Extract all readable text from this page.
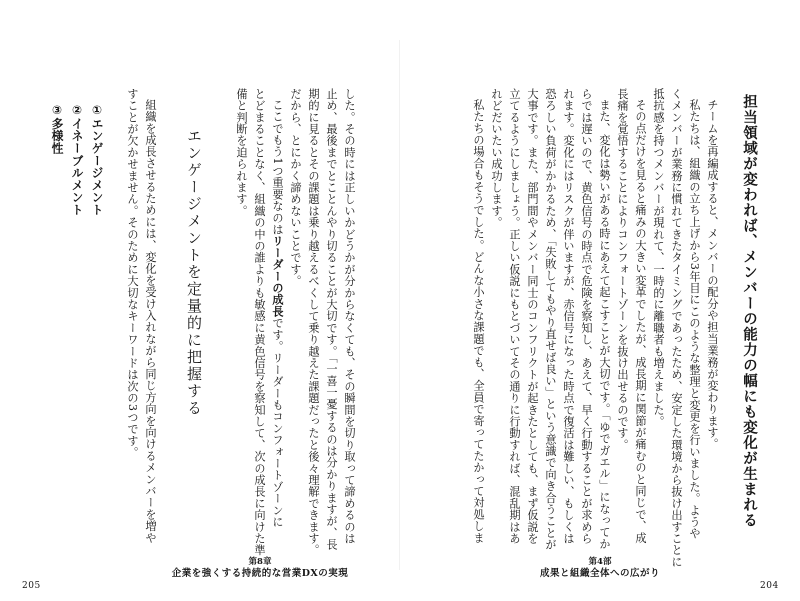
担当領域が変われば、メンバーの能力の幅にも変化が生まれる
チームを再編成すると、メンバーの配分や担当業務が変わります。
私たちは、組織の立ち上げから3年目にこのような整理と変更を行いました。ようや
くメンバーが業務に慣れてきたタイミングであったため、安定した環境から抜け出すことに
抵抗感を持つメンバーが現れて、一時的に離職者も増えました。
その点だけを見ると痛みの大きい変革でしたが、成長期に関節が痛むのと同じで、成
長痛を覚悟することによりコンフォートゾーンを抜け出せるのです。
また、変化は勢いがある時にあえて起こすことが大切です。「ゆでガエル」になってか
らでは遅いので、黄色信号の時点で危険を察知し、あえて、早く行動することが求めら
れます。変化にはリスクが伴いますが、赤信号になった時点で復活は難しい、もしくは
恐ろしい負荷がかかるため、「失敗してもやり直せば良い」という意識で向き合うことが
大事です。また、部門間やメンバー同士のコンフリクトが起きたとしても、まず仮説を
立てるようにしましょう。正しい仮説にもとづいてその通りに行動すれば、混乱期はあ
れどだいたい成功します。
私たちの場合もそうでした。どんな小さな課題でも、全員で寄ってたかって対処しま
第4部
成果と組織全体への広がり
204
した。その時には正しいかどうかが分からなくても、その瞬間を切り取って諦めるのは
止め、最後までとことんやり切ることが大切です。「一喜一憂するのは分かりますが、長
期的に見るとその課題は乗り越えるべくして乗り越えた課題だったと後々理解できます。
だから、とにかく諦めないことです。
ここでもう1つ重要なのはリーダーの成長です。リーダーもコンフォートゾーンに
とどまることなく、組織の中の誰よりも敏感に黄色信号を察知して、次の成長に向けた準
備と判断を迫られます。
エンゲージメントを定量的に把握する
組織を成長させるためには、変化を受け入れながら同じ方向を向けるメンバーを増や
すことが欠かせません。そのために大切なキーワードは次の3つです。
①エンゲージメント
②イネーブルメント
③多様性
第8章
企業を強くする持続的な営業DXの実現
205
